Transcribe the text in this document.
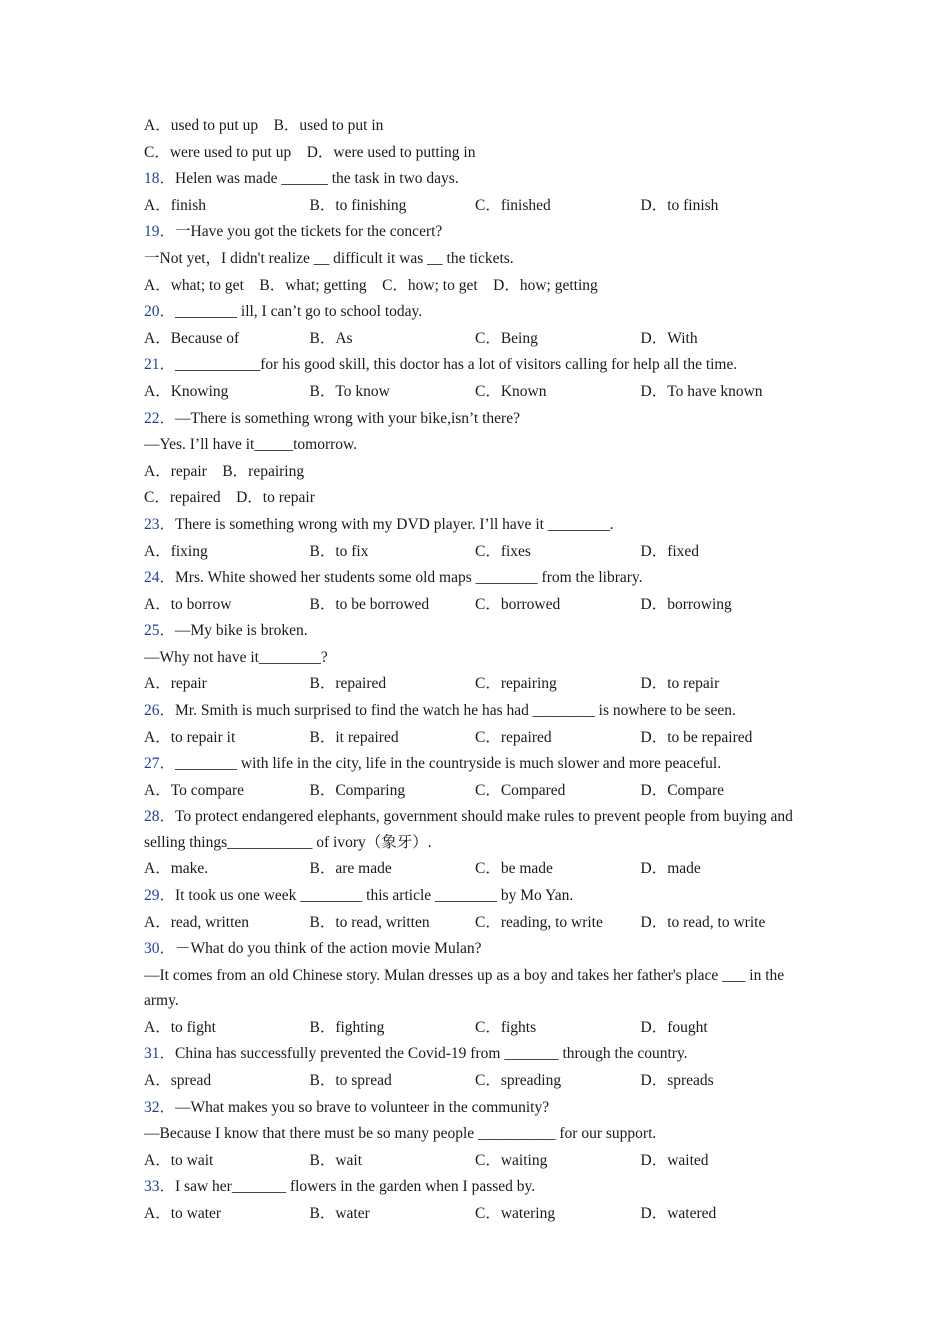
A．used to put up　B．used to put in
C．were used to put up　D．were used to putting in
18．Helen was made ______ the task in two days.
A．finish	B．to finishing	C．finished	D．to finish
19．一Have you got the tickets for the concert?
一Not yet，I didn't realize __ difficult it was __ the tickets.
A．what; to get　B．what; getting　C．how; to get　D．how; getting
20．________ ill, I can’t go to school today.
A．Because of	B．As	C．Being	D．With
21．___________for his good skill, this doctor has a lot of visitors calling for help all the time.
A．Knowing	B．To know	C．Known	D．To have known
22．—There is something wrong with your bike,isn’t there?
—Yes. I’ll have it_____tomorrow.
A．repair　B．repairing
C．repaired　D．to repair
23．There is something wrong with my DVD player. I’ll have it ________.
A．fixing	B．to fix	C．fixes	D．fixed
24．Mrs. White showed her students some old maps ________ from the library.
A．to borrow	B．to be borrowed	C．borrowed	D．borrowing
25．—My bike is broken.
—Why not have it________?
A．repair	B．repaired	C．repairing	D．to repair
26．Mr. Smith is much surprised to find the watch he has had ________ is nowhere to be seen.
A．to repair it	B．it repaired	C．repaired	D．to be repaired
27．________ with life in the city, life in the countryside is much slower and more peaceful.
A．To compare	B．Comparing	C．Compared	D．Compare
28．To protect endangered elephants, government should make rules to prevent people from buying and selling things___________ of ivory（象牙）.
A．make.	B．are made	C．be made	D．made
29．It took us one week ________ this article ________ by Mo Yan.
A．read, written	B．to read, written	C．reading, to write	D．to read, to write
30．－What do you think of the action movie Mulan?
—It comes from an old Chinese story. Mulan dresses up as a boy and takes her father's place ___ in the army.
A．to fight	B．fighting	C．fights	D．fought
31．China has successfully prevented the Covid-19 from _______ through the country.
A．spread	B．to spread	C．spreading	D．spreads
32．—What makes you so brave to volunteer in the community?
—Because I know that there must be so many people __________ for our support.
A．to wait	B．wait	C．waiting	D．waited
33．I saw her_______ flowers in the garden when I passed by.
A．to water	B．water	C．watering	D．watered
